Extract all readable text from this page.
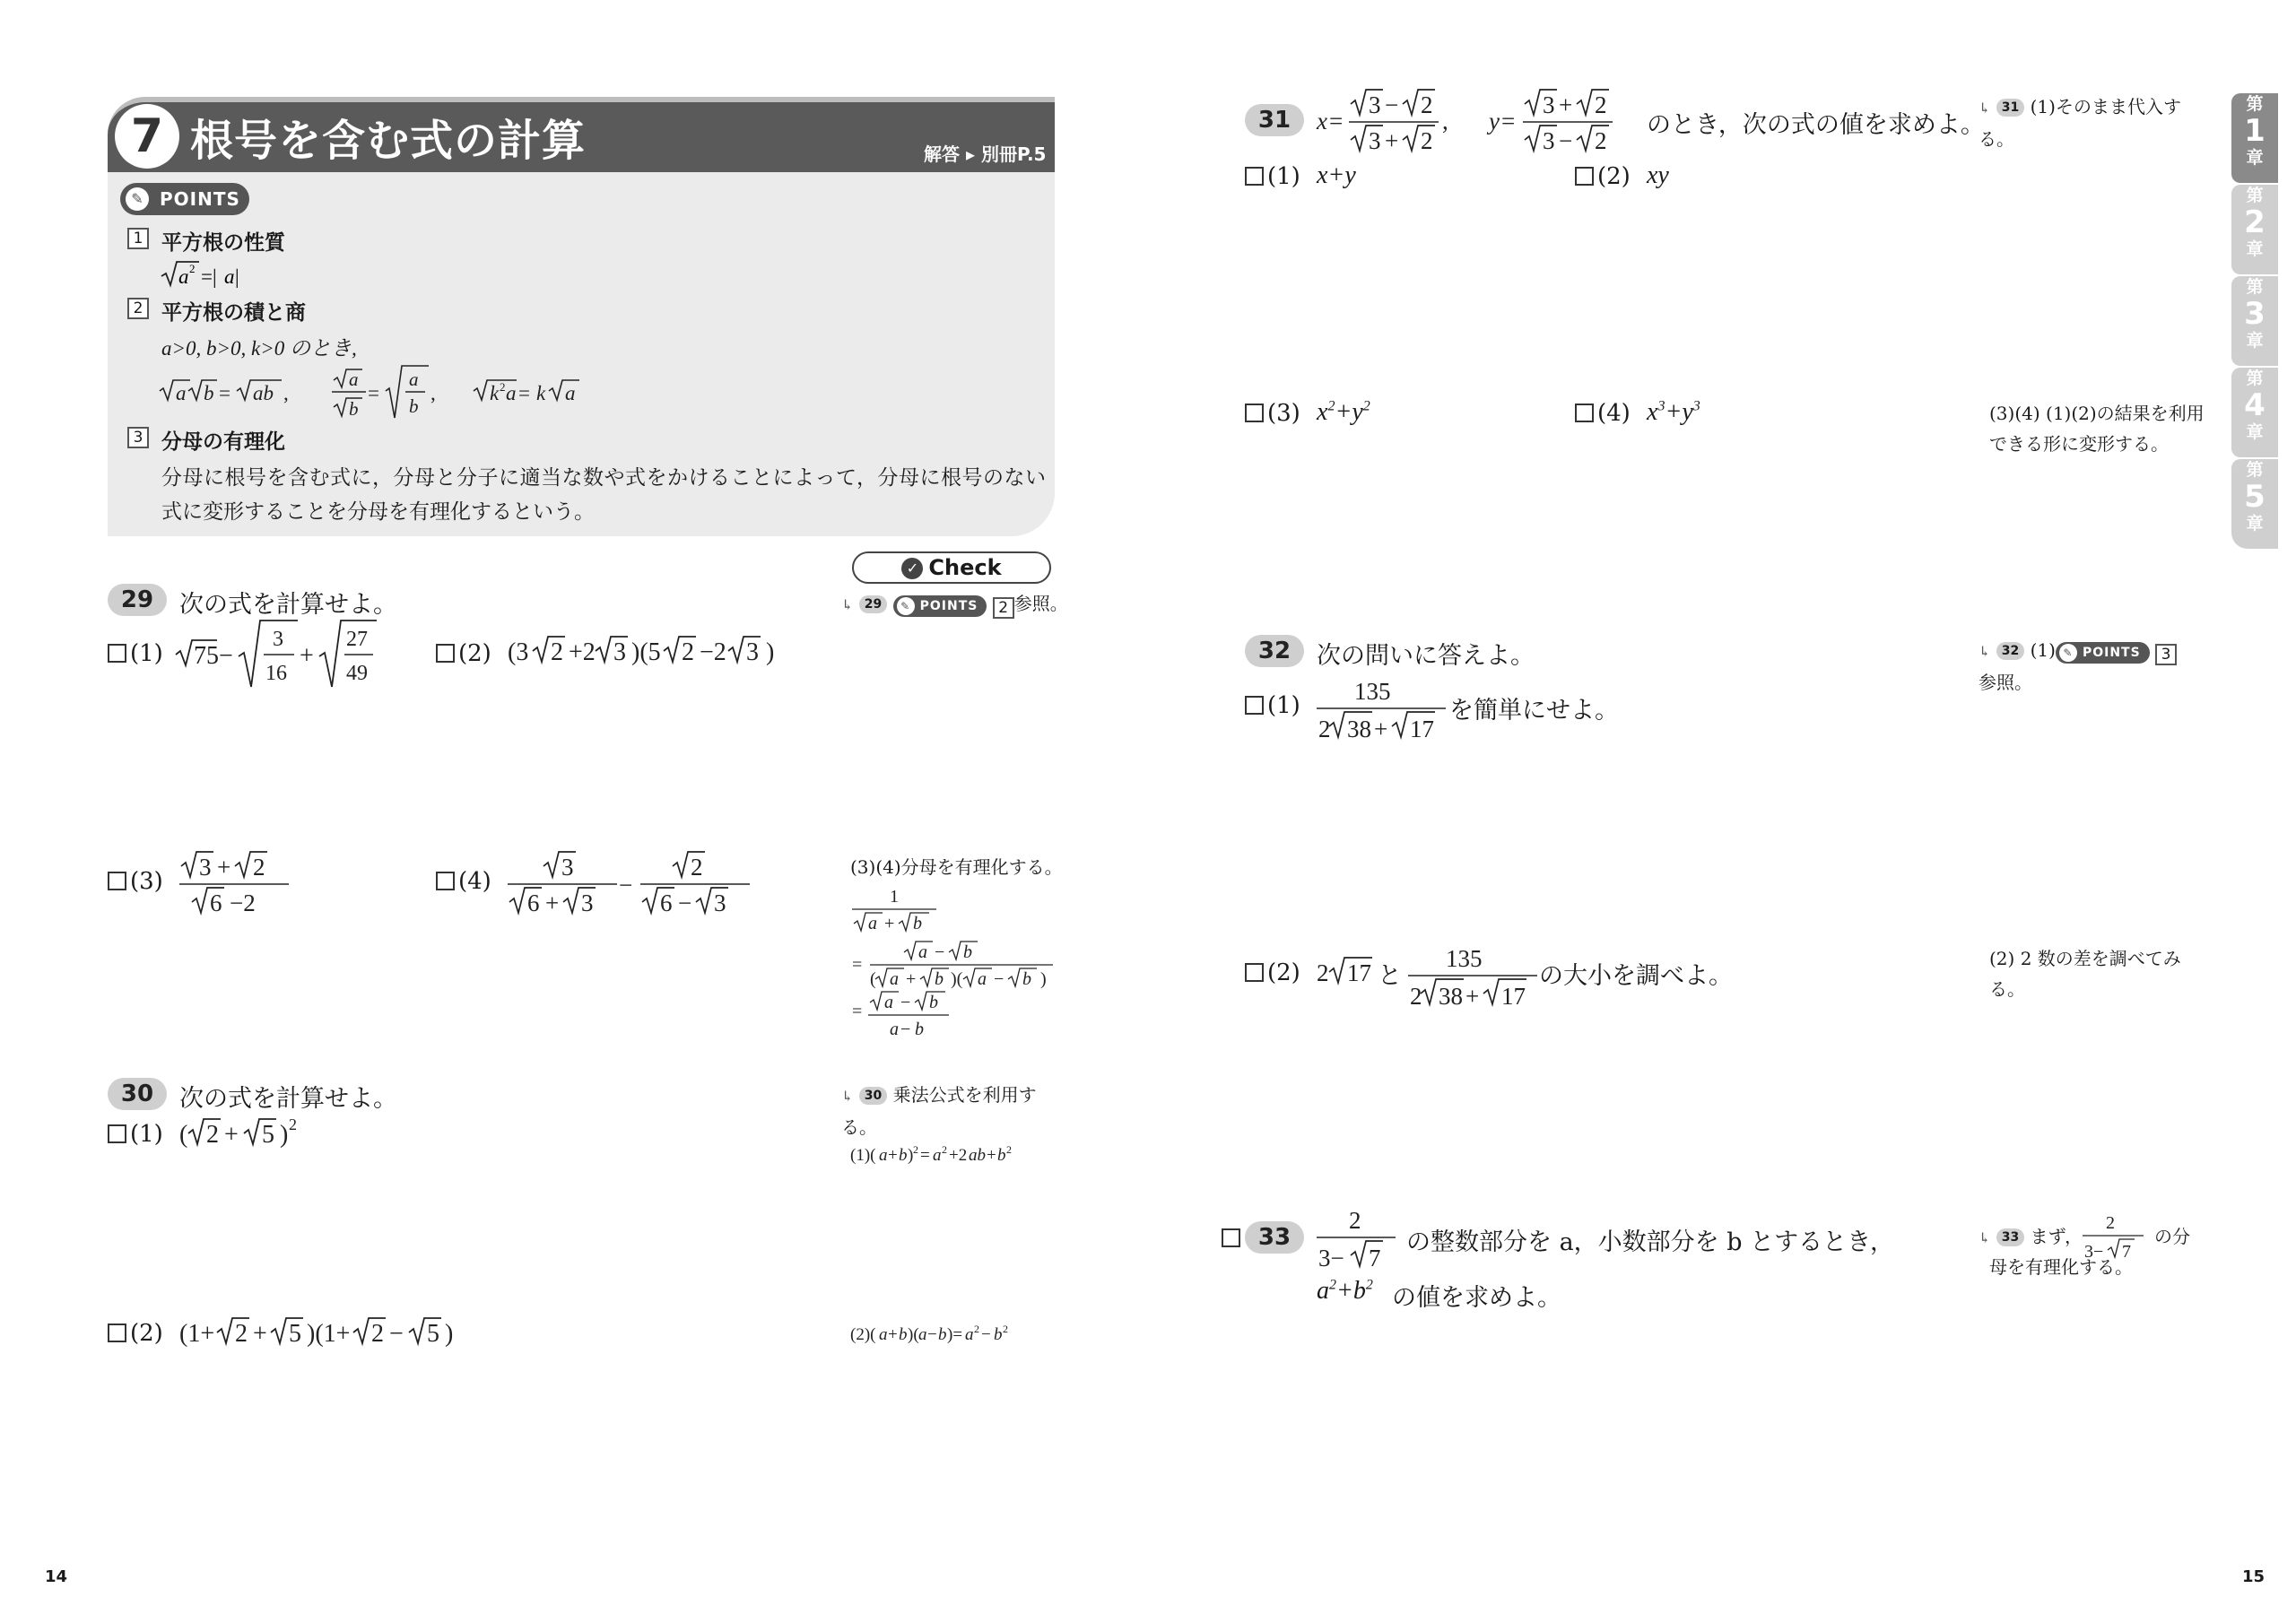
7 根号を含む式の計算	解答 ▸ 別冊P.5
POINTS
✎
1 平方根の性質
a 2 =| a |
2 平方根の積と商
a>0, b>0, k>0 のとき,
a b = ab ,
a
b
=
a
b
,	k 2 a = k a
3 分母の有理化
分母に根号を含む式に，分母と分子に適当な数や式をかけることによって，分母に根号のない
式に変形することを分母を有理化するという。
✓ Check
29	次の式を計算せよ。	↳ 29	✎ POINTS 2 参照。
(1) 75 −
3
16
+
27
49
(2) (3 2 +2 3 )(5 2 −2 3 )
(3)
3 + 2
6 −2
(4)
3
6 + 3
−
2
6 − 3
(3)(4)分母を有理化する。
1
a + b
=
a − b
( a + b )( a − b )
= a − b
a − b
30	次の式を計算せよ。	↳ 30 乗法公式を利用する。
(1)( a + b ) 2 = a 2 +2 ab + b 2
(1) ( 2 + 5 ) 2
(2) (1+ 2 + 5 )(1+ 2 − 5 )	(2)( a + b )( a − b )= a 2 − b 2
14
31	x =
3 − 2
3 + 2
, y =
3 + 2
3 − 2
のとき，次の式の値を求めよ。
↳ 31 (1)そのまま代入する。
(1) x+y	(2) xy
(3) $x^2+y^2$	(4) $x^3+y^3$	(3)(4) (1)(2)の結果を利用できる形に変形する。
32	次の問いに答えよ。	↳ 32 (1) ✎ POINTS 3
参照。
(1)
135
2 38 + 17
を簡単にせよ。
(2) 2 17 と
135
2 38 + 17
の大小を調べよ。
(2) 2 数の差を調べてみる。
33
2
3− 7
の整数部分を a，小数部分を b とするとき，
$a^2+b^2$ の値を求めよ。
↳ 33 まず，
2
3− 7
の分母を有理化する。
15
第
1
章
第
2
章
第
3
章
第
4
章
第
5
章
